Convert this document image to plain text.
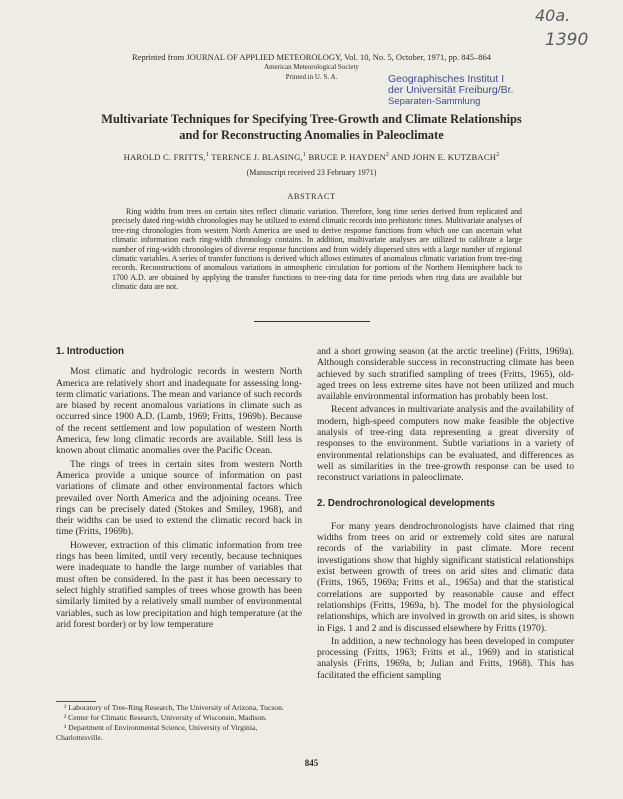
40a.
1390
Reprinted from JOURNAL OF APPLIED METEOROLOGY, Vol. 10, No. 5, October, 1971, pp. 845–864
American Meteorological Society
Printed in U. S. A.	Geographisches Institut I
der Universität Freiburg/Br.
Separaten-Sammlung
Multivariate Techniques for Specifying Tree-Growth and Climate Relationships
and for Reconstructing Anomalies in Paleoclimate
HAROLD C. FRITTS,$^1$ TERENCE J. BLASING,$^1$ BRUCE P. HAYDEN$^2$ AND JOHN E. KUTZBACH$^2$
(Manuscript received 23 February 1971)
ABSTRACT

Ring widths from trees on certain sites reflect climatic variation. Therefore, long time series derived from replicated and precisely dated ring-width chronologies may be utilized to extend climatic records into prehistoric times. Multivariate analyses of tree-ring chronologies from western North America are used to derive response functions from which one can ascertain what climatic information each ring-width chronology contains. In addition, multivariate analyses are utilized to calibrate a large number of ring-width chronologies of diverse response functions and from widely dispersed sites with a large number of regional climatic variables. A series of transfer functions is derived which allows estimates of anomalous climatic variation from tree-ring records. Reconstructions of anomalous variations in atmospheric circulation for portions of the Northern Hemisphere back to 1700 A.D. are obtained by applying the transfer functions to tree-ring data for time periods when ring data are available but climatic data are not.

1. Introduction

Most climatic and hydrologic records in western North America are relatively short and inadequate for assessing long-term climatic variations. The mean and variance of such records are biased by recent anomalous variations in climate such as occurred since 1900 A.D. (Lamb, 1969; Fritts, 1969b). Because of the recent settlement and low population of western North America, few long climatic records are available. Still less is known about climatic anomalies over the Pacific Ocean.

The rings of trees in certain sites from western North America provide a unique source of information on past variations of climate and other environmental factors which prevailed over North America and the adjoining oceans. Tree rings can be precisely dated (Stokes and Smiley, 1968), and their widths can be used to extend the climatic record back in time (Fritts, 1969b).

However, extraction of this climatic information from tree rings has been limited, until very recently, because techniques were inadequate to handle the large number of variables that must often be considered. In the past it has been necessary to select highly stratified samples of trees whose growth has been similarly limited by a relatively small number of environmental variables, such as low precipitation and high temperature (at the arid forest border) or by low temperature

¹ Laboratory of Tree-Ring Research, The University of Arizona, Tucson.

² Center for Climatic Research, University of Wisconsin, Madison.

³ Department of Environmental Science, University of Virginia, Charlottesville.

and a short growing season (at the arctic treeline) (Fritts, 1969a). Although considerable success in reconstructing climate has been achieved by such stratified sampling of trees (Fritts, 1965), old-aged trees on less extreme sites have not been utilized and much available environmental information has probably been lost.

Recent advances in multivariate analysis and the availability of modern, high-speed computers now make feasible the objective analysis of tree-ring data representing a great diversity of responses to the environment. Subtle variations in a variety of environmental relationships can be evaluated, and differences as well as similarities in the tree-growth response can be used to reconstruct variations in paleoclimate.

2. Dendrochronological developments

For many years dendrochronologists have claimed that ring widths from trees on arid or extremely cold sites are natural records of the variability in past climate. More recent investigations show that highly significant statistical relationships exist between growth of trees on arid sites and climatic data (Fritts, 1965, 1969a; Fritts et al., 1965a) and that the statistical correlations are supported by reasonable cause and effect relationships (Fritts, 1969a, b). The model for the physiological relationships, which are involved in growth on arid sites, is shown in Figs. 1 and 2 and is discussed elsewhere by Fritts (1970).

In addition, a new technology has been developed in computer processing (Fritts, 1963; Fritts et al., 1969) and in statistical analysis (Fritts, 1969a, b; Julian and Fritts, 1968). This has facilitated the efficient sampling

845
